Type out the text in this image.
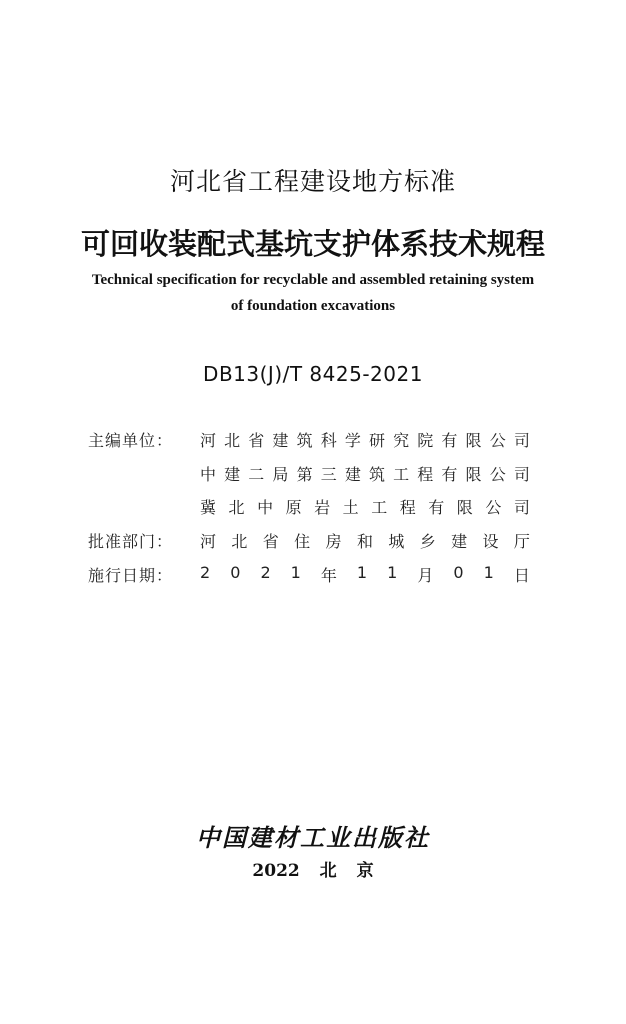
河北省工程建设地方标准
可回收装配式基坑支护体系技术规程
Technical specification for recyclable and assembled retaining system
of foundation excavations
DB13(J)/T 8425-2021
主编单位：	河 北 省 建 筑 科 学 研 究 院 有 限 公 司
中 建 二 局 第 三 建 筑 工 程 有 限 公 司
冀 北 中 原 岩 土 工 程 有 限 公 司
批准部门：	河 北 省 住 房 和 城 乡 建 设 厅
施行日期：	2 0 2 1 年 1 1 月 0 1 日
中国建材工业出版社
2022 北 京
